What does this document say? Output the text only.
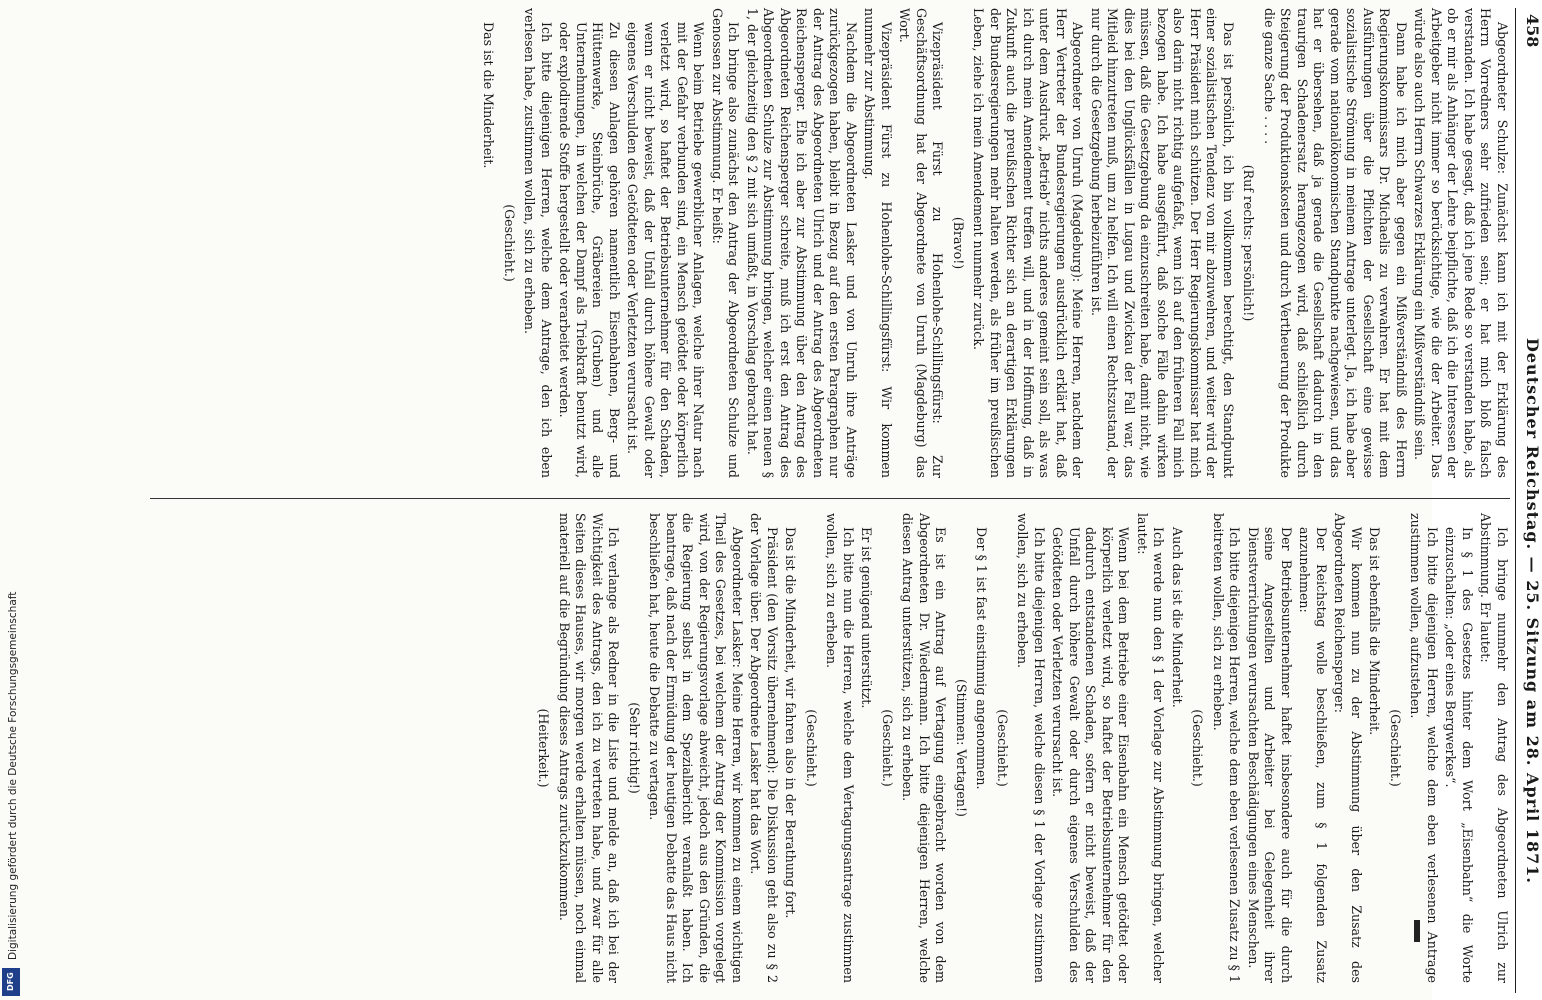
458
Deutscher Reichstag. — 25. Sitzung am 28. April 1871.

Abgeordneter Schulze: Zunächst kann ich mit der Erklärung des Herrn Vorredners sehr zufrieden sein; er hat mich bloß falsch verstanden. Ich habe gesagt, daß ich jene Rede so verstanden habe, als ob er mir als Anhänger der Lehre beipflichte, daß ich die Interessen der Arbeitgeber nicht immer so berücksichtige, wie die der Arbeiter. Das würde also auch Herrn Schwarzes Erklärung ein Mißverständniß sein.

Dann habe ich mich aber gegen ein Mißverständniß des Herrn Regierungskommissars Dr. Michaelis zu verwahren. Er hat mit dem Ausführungen über die Pflichten der Gesellschaft eine gewisse sozialistische Strömung in meinem Antrage unterlegt. Ja, ich habe aber gerade vom nationalökonomischen Standpunkte nachgewiesen, und das hat er übersehen, daß ja gerade die Gesellschaft dadurch in den traurigen Schadenersatz herangezogen wird, daß schließlich durch Steigerung der Produktionskosten und durch Vertheuerung der Produkte die ganze Sache . . . .

(Ruf rechts: persönlich!)

Das ist persönlich, ich bin vollkommen berechtigt, den Standpunkt einer sozialistischen Tendenz von mir abzuwehren, und weiter wird der Herr Präsident mich schützen. Der Herr Regierungskommissar hat mich also darin nicht richtig aufgefaßt, wenn ich auf den früheren Fall mich bezogen habe. Ich habe ausgeführt, daß solche Fälle dahin wirken müssen, daß die Gesetzgebung da einzuschreiten habe, damit nicht, wie dies bei den Unglücksfällen in Lugau und Zwickau der Fall war, das Mitleid hinzutreten muß, um zu helfen. Ich will einen Rechtszustand, der nur durch die Gesetzgebung herbeizuführen ist.

Abgeordneter von Unruh (Magdeburg): Meine Herren, nachdem der Herr Vertreter der Bundesregierungen ausdrücklich erklärt hat, daß unter dem Ausdruck „Betrieb“ nichts anderes gemeint sein soll, als was ich durch mein Amendement treffen will, und in der Hoffnung, daß in Zukunft auch die preußischen Richter sich an derartigen Erklärungen der Bundesregierungen mehr halten werden, als früher im preußischen Leben, ziehe ich mein Amendement nunmehr zurück.

(Bravo!)

Vizepräsident Fürst zu Hohenlohe-Schillingsfürst: Zur Geschäftsordnung hat der Abgeordnete von Unruh (Magdeburg) das Wort.

Vizepräsident Fürst zu Hohenlohe-Schillingsfürst: Wir kommen nunmehr zur Abstimmung.

Nachdem die Abgeordneten Lasker und von Unruh ihre Anträge zurückgezogen haben, bleibt in Bezug auf den ersten Paragraphen nur der Antrag des Abgeordneten Ulrich und der Antrag des Abgeordneten Reichensperger. Ehe ich aber zur Abstimmung über den Antrag des Abgeordneten Reichensperger schreite, muß ich erst den Antrag des Abgeordneten Schulze zur Abstimmung bringen, welcher einen neuen § 1, der gleichzeitig den § 2 mit sich umfaßt, in Vorschlag gebracht hat.

Ich bringe also zunächst den Antrag der Abgeordneten Schulze und Genossen zur Abstimmung. Er heißt:

Wenn beim Betriebe gewerblicher Anlagen, welche ihrer Natur nach mit der Gefahr verbunden sind, ein Mensch getödtet oder körperlich verletzt wird, so haftet der Betriebsunternehmer für den Schaden, wenn er nicht beweist, daß der Unfall durch höhere Gewalt oder eigenes Verschulden des Getödteten oder Verletzten verursacht ist.

Zu diesen Anlagen gehören namentlich Eisenbahnen, Berg- und Hüttenwerke, Steinbrüche, Gräbereien (Gruben) und alle Unternehmungen, in welchen der Dampf als Triebkraft benutzt wird, oder explodirende Stoffe hergestellt oder verarbeitet werden.

Ich bitte diejenigen Herren, welche dem Antrage, den ich eben verlesen habe, zustimmen wollen, sich zu erheben.

(Geschieht.)

Das ist die Minderheit.

Ich bringe nunmehr den Antrag des Abgeordneten Ulrich zur Abstimmung. Er lautet:

In § 1 des Gesetzes hinter dem Wort „Eisenbahn“ die Worte einzuschalten: „oder eines Bergwerkes“.

Ich bitte diejenigen Herren, welche dem eben verlesenen Antrage zustimmen wollen, aufzustehen.

(Geschieht.)

Das ist ebenfalls die Minderheit.

Wir kommen nun zu der Abstimmung über den Zusatz des Abgeordneten Reichensperger:

Der Reichstag wolle beschließen, zum § 1 folgenden Zusatz anzunehmen:

Der Betriebsunternehmer haftet insbesondere auch für die durch seine Angestellten und Arbeiter bei Gelegenheit ihrer Dienstverrichtungen verursachten Beschädigungen eines Menschen.

Ich bitte diejenigen Herren, welche dem eben verlesenen Zusatz zu § 1 beitreten wollen, sich zu erheben.

(Geschieht.)

Auch das ist die Minderheit.

Ich werde nun den § 1 der Vorlage zur Abstimmung bringen, welcher lautet:

Wenn bei dem Betriebe einer Eisenbahn ein Mensch getödtet oder körperlich verletzt wird, so haftet der Betriebsunternehmer für den dadurch entstandenen Schaden, sofern er nicht beweist, daß der Unfall durch höhere Gewalt oder durch eigenes Verschulden des Getödteten oder Verletzten verursacht ist.

Ich bitte diejenigen Herren, welche diesen § 1 der Vorlage zustimmen wollen, sich zu erheben.

(Geschieht.)

Der § 1 ist fast einstimmig angenommen.

(Stimmen: Vertagen!)

Es ist ein Antrag auf Vertagung eingebracht worden von dem Abgeordneten Dr. Wiedermann. Ich bitte diejenigen Herren, welche diesen Antrag unterstützen, sich zu erheben.

(Geschieht.)

Er ist genügend unterstützt.

Ich bitte nun die Herren, welche dem Vertagungsantrage zustimmen wollen, sich zu erheben.

(Geschieht.)

Das ist die Minderheit, wir fahren also in der Berathung fort.

Präsident (den Vorsitz übernehmend): Die Diskussion geht also zu § 2 der Vorlage über. Der Abgeordnete Lasker hat das Wort.

Abgeordneter Lasker: Meine Herren, wir kommen zu einem wichtigen Theil des Gesetzes, bei welchem der Antrag der Kommission vorgelegt wird, von der Regierungsvorlage abweicht, jedoch aus den Gründen, die die Regierung selbst in dem Spezialbericht veranlaßt haben. Ich beantrage, daß nach der Ermüdung der heutigen Debatte das Haus nicht beschließen hat, heute die Debatte zu vertagen.

(Sehr richtig!)

Ich verlange als Redner in die Liste und melde an, daß ich bei der Wichtigkeit des Antrags, den ich zu vertreten habe, und zwar für alle Seiten dieses Hauses, wir morgen werde erhalten müssen, noch einmal materiell auf die Begründung dieses Antrags zurückzukommen.

(Heiterkeit.)

Digitalisierung gefördert durch die Deutsche Forschungsgemeinschaft
DFG
